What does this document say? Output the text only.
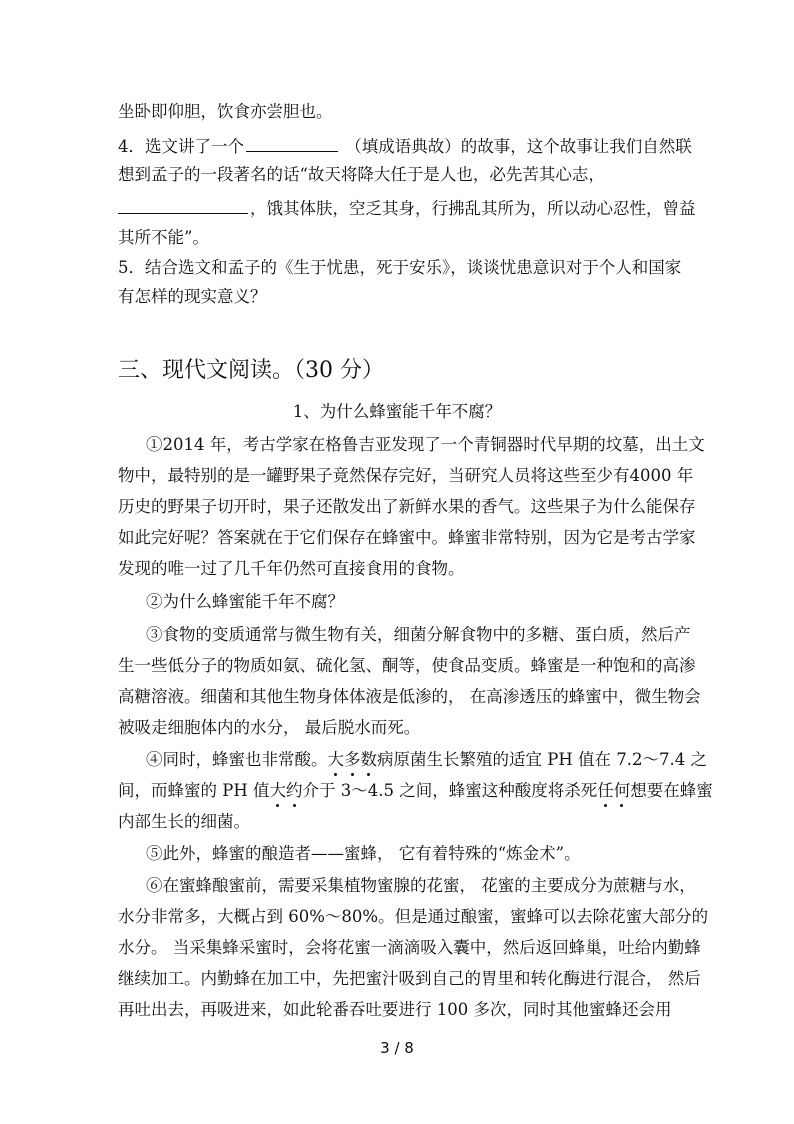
坐卧即仰胆，饮食亦尝胆也。
4．选文讲了一个	（填成语典故）的故事，这个故事让我们自然联
想到孟子的一段著名的话“故天将降大任于是人也，必先苦其心志，
，饿其体肤，空乏其身，行拂乱其所为，所以动心忍性，曾益
其所不能”。
5．结合选文和孟子的《生于忧患，死于安乐》，谈谈忧患意识对于个人和国家
有怎样的现实意义？
三、现代文阅读。（30 分）
1、为什么蜂蜜能千年不腐？
①2014 年，考古学家在格鲁吉亚发现了一个青铜器时代早期的坟墓，出土文
物中，最特别的是一罐野果子竟然保存完好，当研究人员将这些至少有4000 年
历史的野果子切开时，果子还散发出了新鲜水果的香气。这些果子为什么能保存
如此完好呢？答案就在于它们保存在蜂蜜中。蜂蜜非常特别，因为它是考古学家
发现的唯一过了几千年仍然可直接食用的食物。
②为什么蜂蜜能千年不腐？
③食物的变质通常与微生物有关，细菌分解食物中的多糖、蛋白质，然后产
生一些低分子的物质如氨、硫化氢、酮等，使食品变质。蜂蜜是一种饱和的高渗
高糖溶液。细菌和其他生物身体体液是低渗的， 在高渗透压的蜂蜜中，微生物会
被吸走细胞体内的水分， 最后脱水而死。
④同时，蜂蜜也非常酸。大多数病原菌生长繁殖的适宜 PH 值在 7.2～7.4 之
间，而蜂蜜的 PH 值大约介于 3～4.5 之间，蜂蜜这种酸度将杀死任何想要在蜂蜜
内部生长的细菌。
⑤此外，蜂蜜的酿造者——蜜蜂， 它有着特殊的“炼金术”。
⑥在蜜蜂酿蜜前，需要采集植物蜜腺的花蜜， 花蜜的主要成分为蔗糖与水，
水分非常多，大概占到 60%～80%。但是通过酿蜜，蜜蜂可以去除花蜜大部分的
水分。 当采集蜂采蜜时，会将花蜜一滴滴吸入囊中，然后返回蜂巢，吐给内勤蜂
继续加工。内勤蜂在加工中，先把蜜汁吸到自己的胃里和转化酶进行混合， 然后
再吐出去，再吸进来，如此轮番吞吐要进行 100 多次，同时其他蜜蜂还会用
3 / 8
